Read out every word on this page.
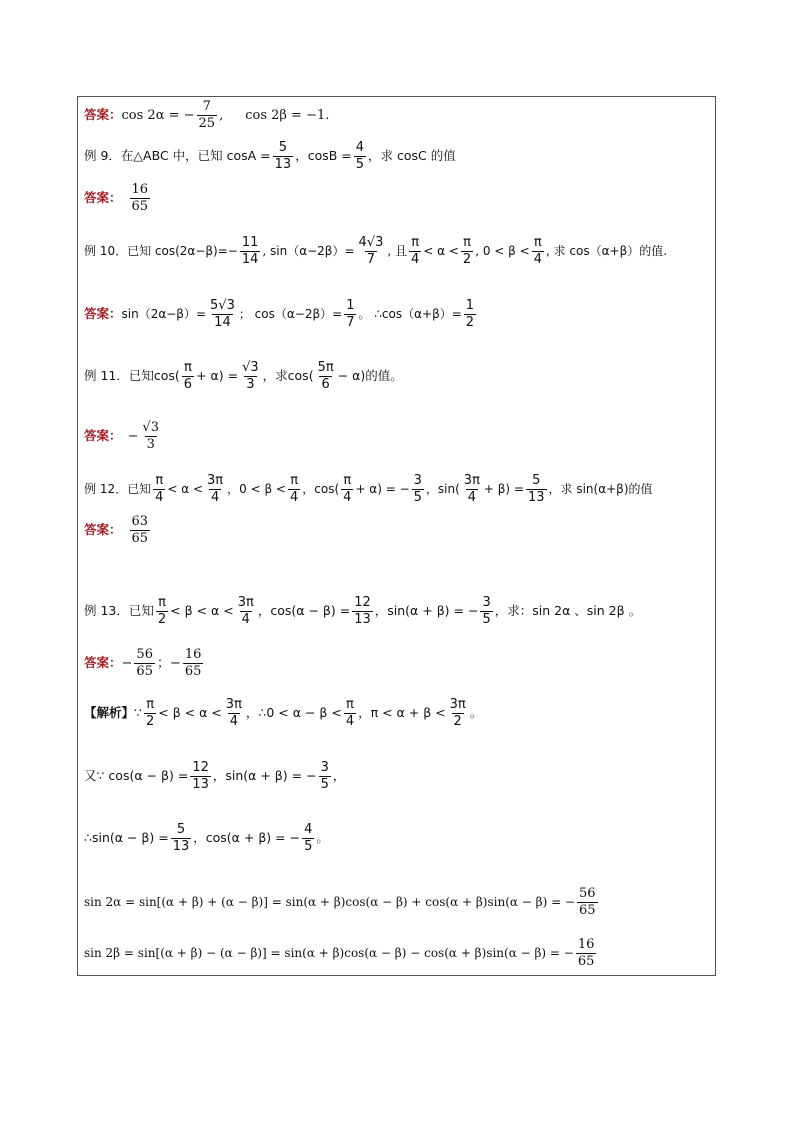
答案： cos 2α = − $\frac{7}{25}$ , cos 2β = −1.
例 9．在△ABC 中，已知 $\cos A = \frac{5}{13}$ ，$\cos B = \frac{4}{5}$ ，求 cosC 的值
答案： $\frac{16}{65}$
例 10．已知 $\cos(2\alpha-\beta)=- \frac{11}{14}$ , $\sin(\alpha-2\beta)= \frac{4√3}{7}$ , 且 $\frac{\pi}{4} < \alpha < \frac{\pi}{2}$ , $0 < \beta < \frac{\pi}{4}$ , 求 cos（α+β）的值.
答案： $\sin(2\alpha-\beta)= \frac{5√3}{14}$ ； $\cos(\alpha-2\beta)= \frac{1}{7}$ 。 ∴cos（α+β）= $\frac{1}{2}$
例 11．已知$\cos( \frac{\pi}{6} + \alpha) = \frac{√3}{3}$ ，求$\cos( \frac{5\pi}{6} - \alpha)$的值。
答案： − $\frac{√3}{3}$
例 12．已知 $\frac{\pi}{4} < \alpha < \frac{3\pi}{4}$ ，$0 < \beta < \frac{\pi}{4}$ ，$\cos( \frac{\pi}{4} + \alpha)$ = − $\frac{3}{5}$ ，$\sin( \frac{3\pi}{4} + \beta) = \frac{5}{13}$ ，求 sin(α+β)的值
答案： $\frac{63}{65}$
例 13．已知 $\frac{\pi}{2} < \beta < \alpha < \frac{3\pi}{4}$ ，$\cos(\alpha - \beta) = \frac{12}{13}$ ，sin(α + β) = − $\frac{3}{5}$ ，求：sin 2α 、sin 2β 。
答案： − $\frac{56}{65}$ ；− $\frac{16}{65}$
【解析】 ∵ $\frac{\pi}{2} < \beta < \alpha < \frac{3\pi}{4}$ ，∴0 < $\alpha - \beta < \frac{\pi}{4}$ ，$\pi < \alpha + \beta < \frac{3\pi}{2}$ 。
又∵ $\cos(\alpha - \beta) = \frac{12}{13}$ ，sin(α + β) = − $\frac{3}{5}$ ，
∴sin(α − $\beta) = \frac{5}{13}$ ，cos(α + β) = − $\frac{4}{5}$ 。
sin 2α = sin[(α + β) + (α − β)] = sin(α + β)cos(α − β) + cos(α + β)sin(α − β) = − $\frac{56}{65}$
sin 2β = sin[(α + β) − (α − β)] = sin(α + β)cos(α − β) − cos(α + β)sin(α − β) = − $\frac{16}{65}$
